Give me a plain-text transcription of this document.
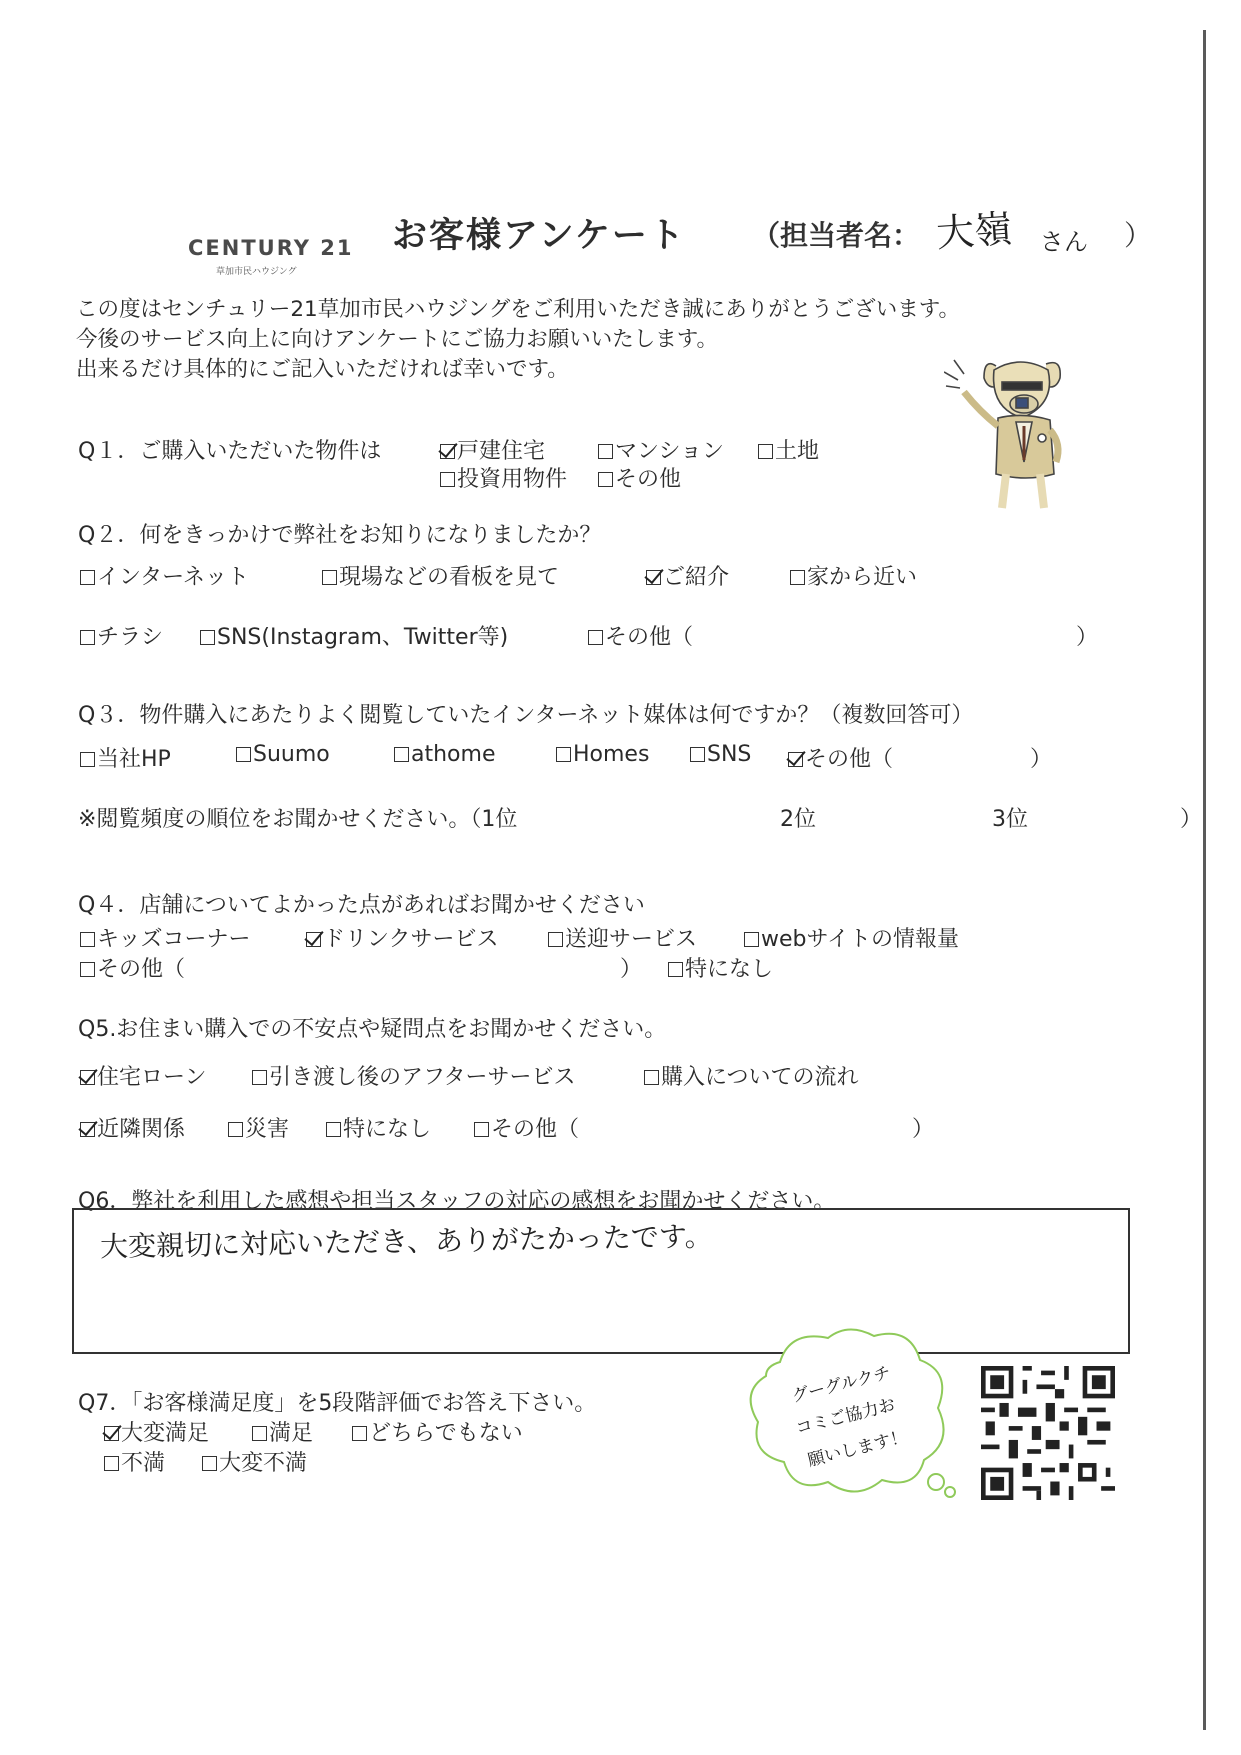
CENTURY 21
草加市民ハウジング
お客様アンケート （担当者名： 大嶺 さん ）
この度はセンチュリー21草加市民ハウジングをご利用いただき誠にありがとうございます。
今後のサービス向上に向けアンケートにご協力お願いいたします。
出来るだけ具体的にご記入いただければ幸いです。
Q１．ご購入いただいた物件は	戸建住宅	マンション	土地
投資用物件	その他
Q２．何をきっかけで弊社をお知りになりましたか？
インターネット	現場などの看板を見て	ご紹介	家から近い
チラシ	SNS(Instagram、Twitter等)	その他（	）
Q３．物件購入にあたりよく閲覧していたインターネット媒体は何ですか？（複数回答可）
当社HP	Suumo	athome	Homes	SNS	その他（	）
※閲覧頻度の順位をお聞かせください。（1位	2位	3位	）
Q４．店舗についてよかった点があればお聞かせください
キッズコーナー	ドリンクサービス	送迎サービス	webサイトの情報量
その他（	）	特になし
Q5.お住まい購入での不安点や疑問点をお聞かせください。
住宅ローン	引き渡し後のアフターサービス	購入についての流れ
近隣関係	災害	特になし	その他（	）
Q6．弊社を利用した感想や担当スタッフの対応の感想をお聞かせください。
大変親切に対応いただき、ありがたかったです。
Q7．「お客様満足度」を5段階評価でお答え下さい。
大変満足	満足	どちらでもない
不満	大変不満
グーグルクチ
コミご協力お
願いします！
